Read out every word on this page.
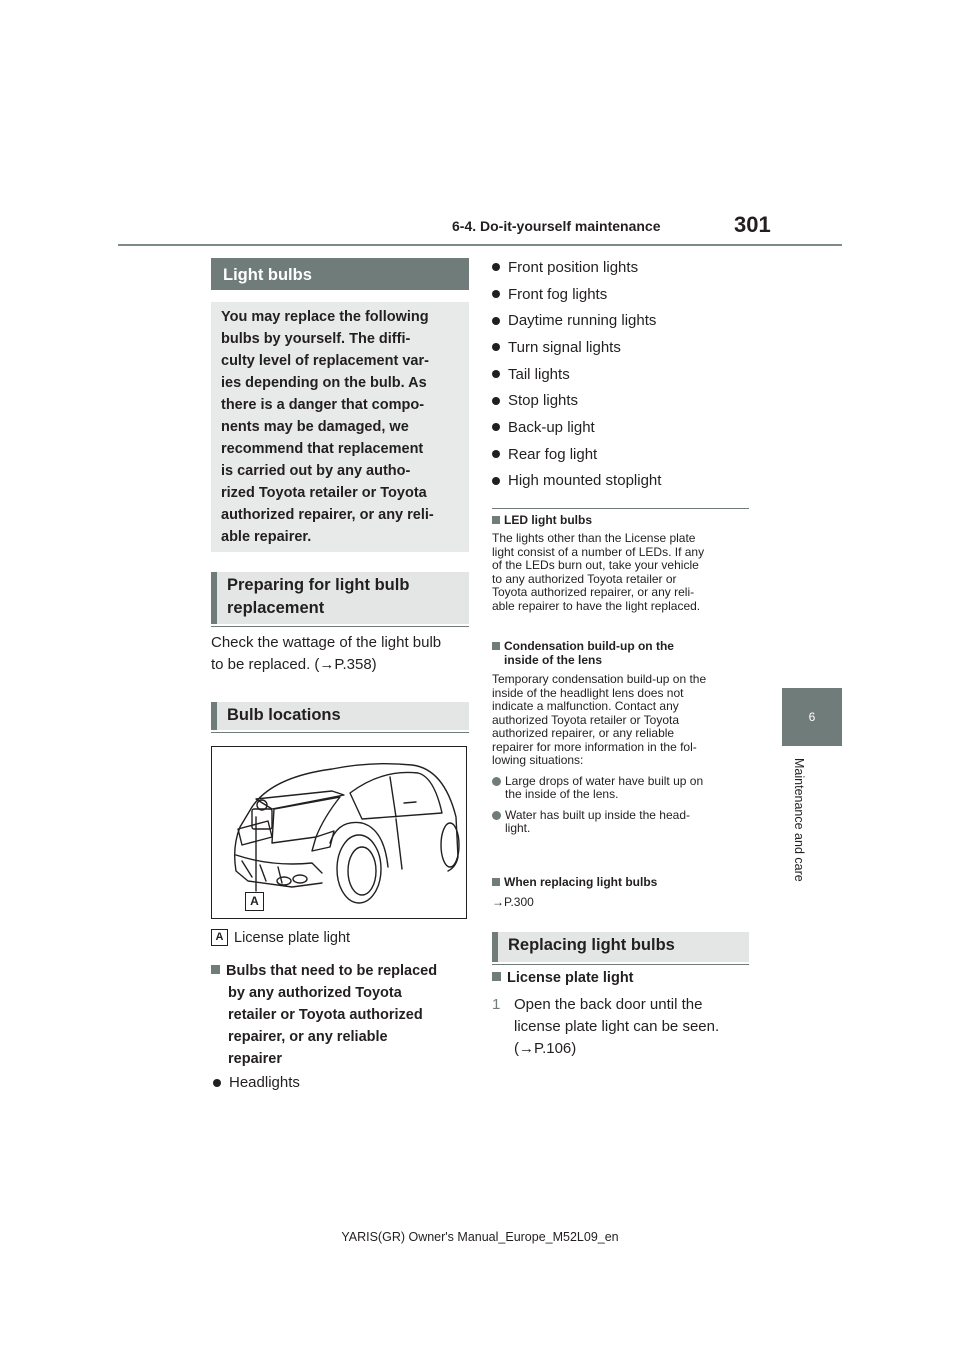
6-4. Do-it-yourself maintenance	301
6
Maintenance and care
Light bulbs
You may replace the following
bulbs by yourself. The diffi-
culty level of replacement var-
ies depending on the bulb. As
there is a danger that compo-
nents may be damaged, we
recommend that replacement
is carried out by any autho-
rized Toyota retailer or Toyota
authorized repairer, or any reli-
able repairer.
Preparing for light bulb
replacement
Check the wattage of the light bulb
to be replaced. (→P.358)
Bulb locations
A
A License plate light
Bulbs that need to be replaced
by any authorized Toyota
retailer or Toyota authorized
repairer, or any reliable
repairer
Headlights
Front position lights
Front fog lights
Daytime running lights
Turn signal lights
Tail lights
Stop lights
Back-up light
Rear fog light
High mounted stoplight
LED light bulbs
The lights other than the License plate
light consist of a number of LEDs. If any
of the LEDs burn out, take your vehicle
to any authorized Toyota retailer or
Toyota authorized repairer, or any reli-
able repairer to have the light replaced.
Condensation build-up on the
inside of the lens
Temporary condensation build-up on the
inside of the headlight lens does not
indicate a malfunction. Contact any
authorized Toyota retailer or Toyota
authorized repairer, or any reliable
repairer for more information in the fol-
lowing situations:
Large drops of water have built up on
the inside of the lens.
Water has built up inside the head-
light.
When replacing light bulbs
→P.300
Replacing light bulbs
License plate light
1 Open the back door until the
license plate light can be seen.
(→P.106)
YARIS(GR) Owner's Manual_Europe_M52L09_en
